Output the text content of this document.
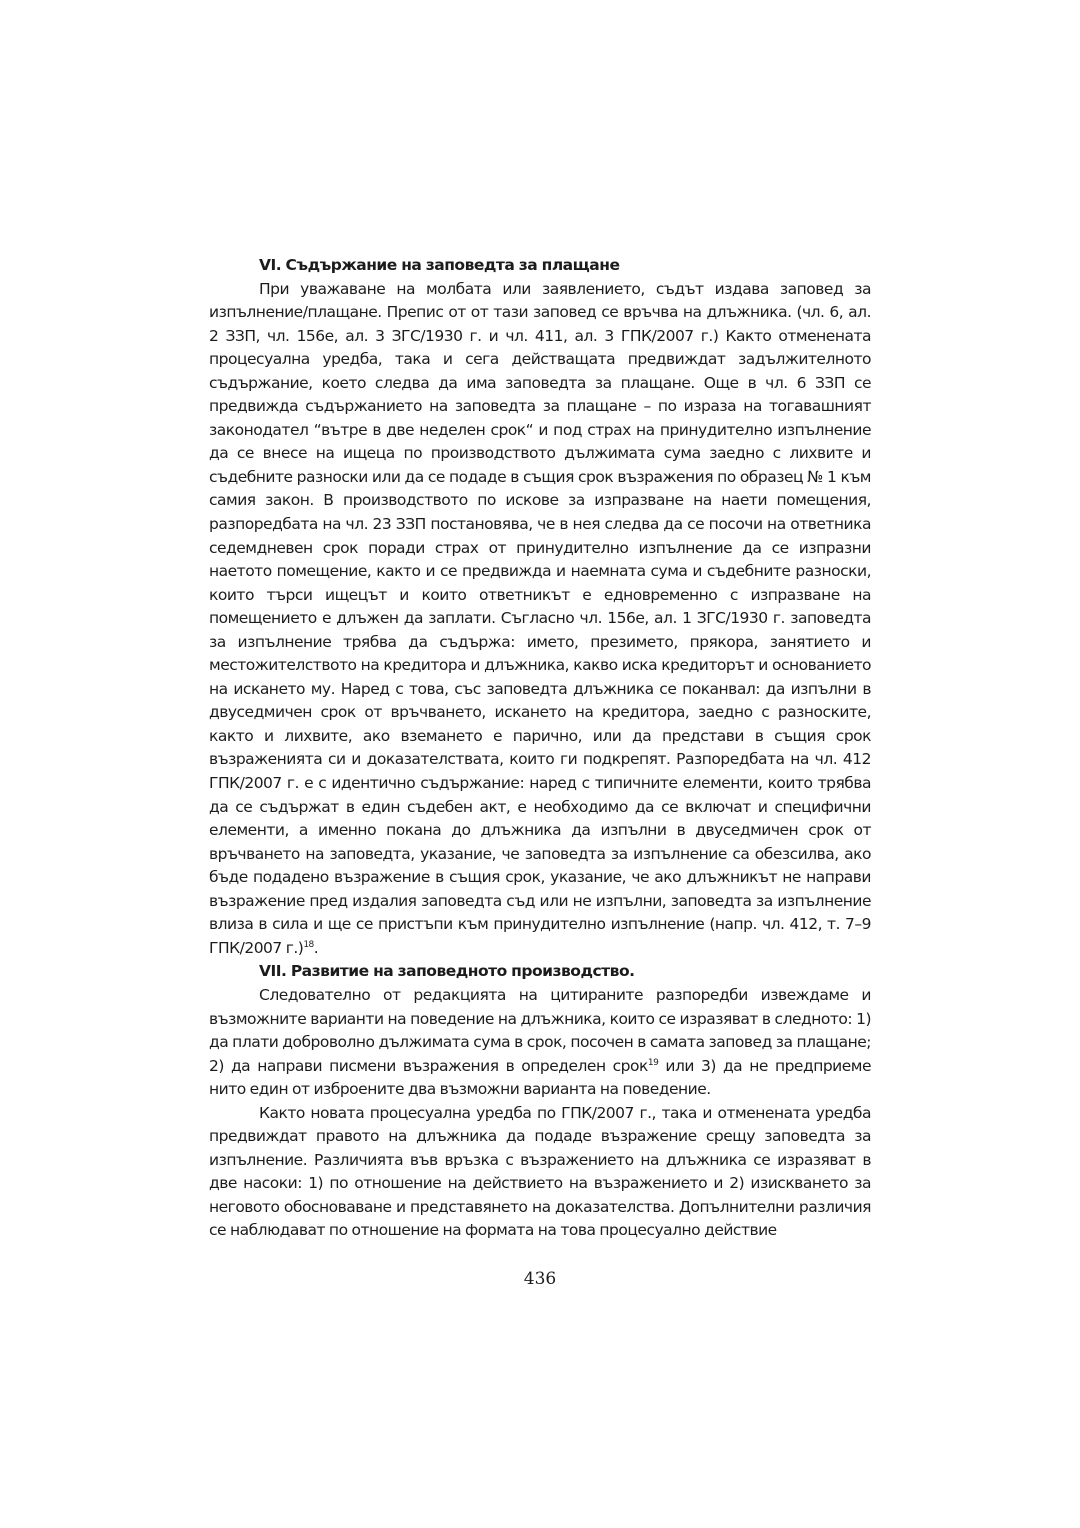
VI. Съдържание на заповедта за плащане

При уважаване на молбата или заявлението, съдът издава заповед за изпълнение/плащане. Препис от от тази заповед се връчва на длъжника. (чл. 6, ал. 2 ЗЗП, чл. 156е, ал. 3 ЗГС/1930 г. и чл. 411, ал. 3 ГПК/2007 г.) Както отменената процесуална уредба, така и сега действащата предвиждат задължителното съдържание, което следва да има заповедта за плащане. Още в чл. 6 ЗЗП се предвижда съдържанието на заповедта за плащане – по израза на тогавашният законодател “вътре в две неделен срок“ и под страх на принудително изпълнение да се внесе на ищеца по производството дължимата сума заедно с лихвите и съдебните разноски или да се подаде в същия срок възражения по образец № 1 към самия закон. В производството по искове за изпразване на наети помещения, разпоредбата на чл. 23 ЗЗП постановява, че в нея следва да се посочи на ответника седемдневен срок поради страх от принудително изпълнение да се изпразни наетото помещение, както и се предвижда и наемната сума и съдебните разноски, които търси ищецът и които ответникът е едновременно с изпразване на помещението е длъжен да заплати. Съгласно чл. 156е, ал. 1 ЗГС/1930 г. заповедта за изпълнение трябва да съдържа: името, презимето, прякора, занятието и местожителството на кредитора и длъжника, какво иска кредиторът и основанието на искането му. Наред с това, със заповедта длъжника се поканвал: да изпълни в двуседмичен срок от връчването, искането на кредитора, заедно с разноските, както и лихвите, ако вземането е парично, или да представи в същия срок възраженията си и доказателствата, които ги подкрепят. Разпоредбата на чл. 412 ГПК/2007 г. е с идентично съдържание: наред с типичните елементи, които трябва да се съдържат в един съдебен акт, е необходимо да се включат и специфични елементи, а именно покана до длъжника да изпълни в двуседмичен срок от връчването на заповедта, указание, че заповедта за изпълнение са обезсилва, ако бъде подадено възражение в същия срок, указание, че ако длъжникът не направи възражение пред издалия заповедта съд или не изпълни, заповедта за изпълнение влиза в сила и ще се пристъпи към принудително изпълнение (напр. чл. 412, т. 7–9 ГПК/2007 г.)$^{18}$.

VII. Развитие на заповедното производство.

Следователно от редакцията на цитираните разпоредби извеждаме и възможните варианти на поведение на длъжника, които се изразяват в следното: 1) да плати доброволно дължимата сума в срок, посочен в самата заповед за плащане; 2) да направи писмени възражения в определен срок$^{19}$ или 3) да не предприеме нито един от изброените два възможни варианта на поведение.

Както новата процесуална уредба по ГПК/2007 г., така и отменената уредба предвиждат правото на длъжника да подаде възражение срещу заповедта за изпълнение. Различията във връзка с възражението на длъжника се изразяват в две насоки: 1) по отношение на действието на възражението и 2) изискването за неговото обосноваване и представянето на доказателства. Допълнителни различия се наблюдават по отношение на формата на това процесуално действие

436
